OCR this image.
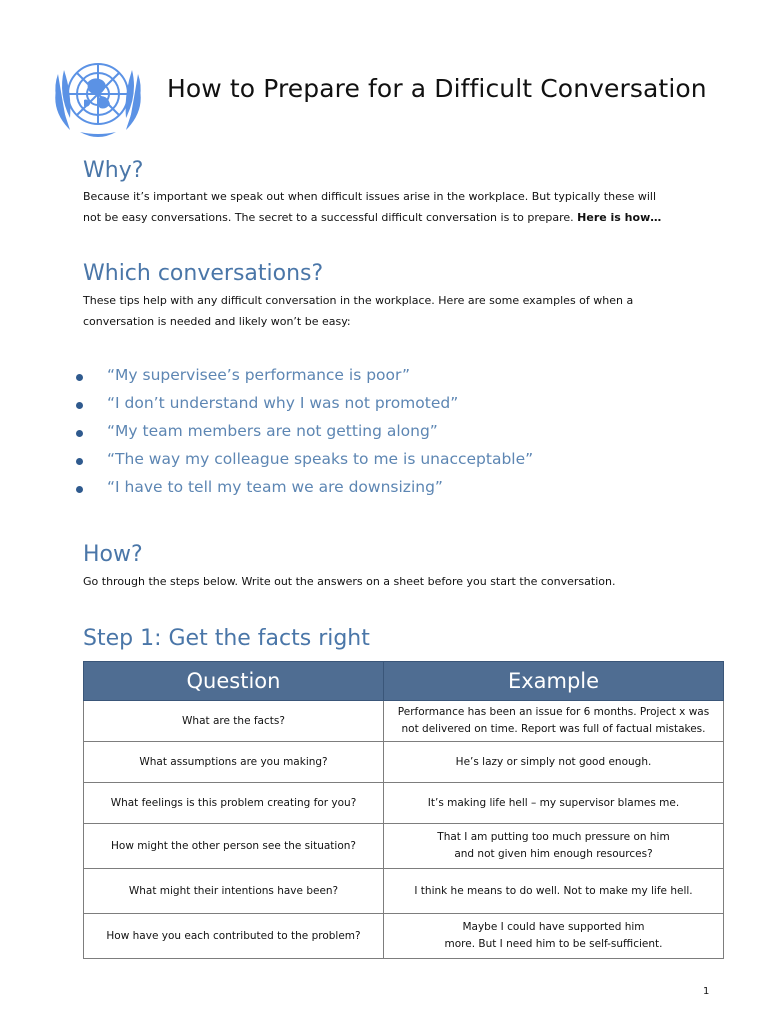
How to Prepare for a Difficult Conversation
Why?

Because it’s important we speak out when difficult issues arise in the workplace. But typically these will
not be easy conversations. The secret to a successful difficult conversation is to prepare. Here is how…

Which conversations?

These tips help with any difficult conversation in the workplace. Here are some examples of when a
conversation is needed and likely won’t be easy:

“My supervisee’s performance is poor”
“I don’t understand why I was not promoted”
“My team members are not getting along”
“The way my colleague speaks to me is unacceptable”
“I have to tell my team we are downsizing”
How?

Go through the steps below. Write out the answers on a sheet before you start the conversation.

Step 1: Get the facts right
Question	Example
What are the facts?	Performance has been an issue for 6 months. Project x was
not delivered on time. Report was full of factual mistakes.
What assumptions are you making?	He’s lazy or simply not good enough.
What feelings is this problem creating for you?	It’s making life hell – my supervisor blames me.
How might the other person see the situation?	That I am putting too much pressure on him
and not given him enough resources?
What might their intentions have been?	I think he means to do well. Not to make my life hell.
How have you each contributed to the problem?	Maybe I could have supported him
more. But I need him to be self-sufficient.
1
